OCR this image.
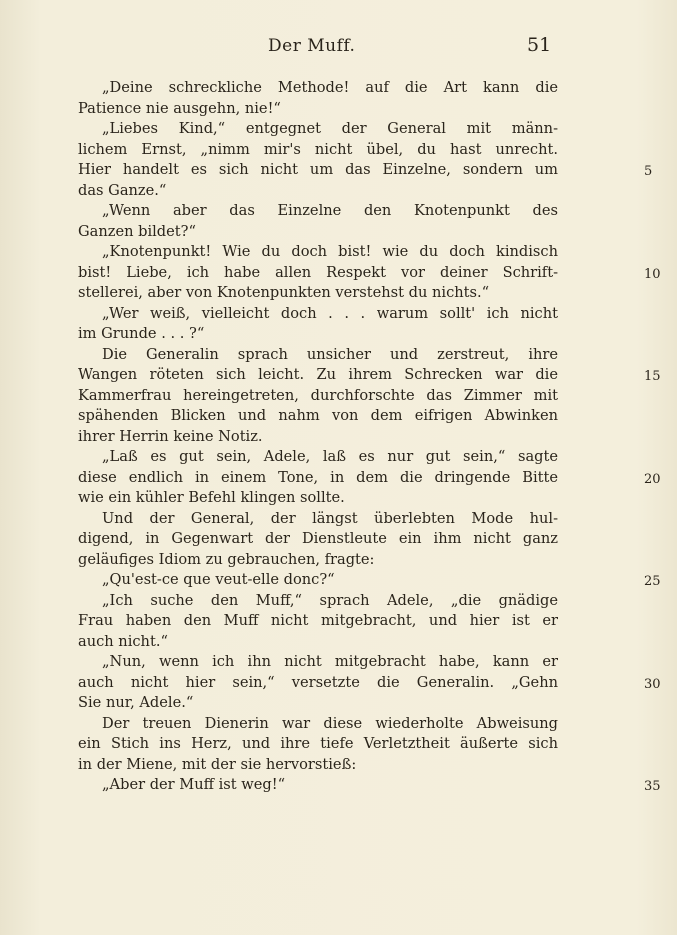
Der Muff.	51
„Deine schreckliche Methode! auf die Art kann die
Patience nie ausgehn, nie!“
„Liebes Kind,“ entgegnet der General mit männ-
lichem Ernst, „nimm mir's nicht übel, du hast unrecht.
Hier handelt es sich nicht um das Einzelne, sondern um
das Ganze.“
„Wenn aber das Einzelne den Knotenpunkt des
Ganzen bildet?“
„Knotenpunkt! Wie du doch bist! wie du doch kindisch
bist! Liebe, ich habe allen Respekt vor deiner Schrift-
stellerei, aber von Knotenpunkten verstehst du nichts.“
„Wer weiß, vielleicht doch . . . warum sollt' ich nicht
im Grunde . . . ?“
Die Generalin sprach unsicher und zerstreut, ihre
Wangen röteten sich leicht. Zu ihrem Schrecken war die
Kammerfrau hereingetreten, durchforschte das Zimmer mit
spähenden Blicken und nahm von dem eifrigen Abwinken
ihrer Herrin keine Notiz.
„Laß es gut sein, Adele, laß es nur gut sein,“ sagte
diese endlich in einem Tone, in dem die dringende Bitte
wie ein kühler Befehl klingen sollte.
Und der General, der längst überlebten Mode hul-
digend, in Gegenwart der Dienstleute ein ihm nicht ganz
geläufiges Idiom zu gebrauchen, fragte:
„Qu'est-ce que veut-elle donc?“
„Ich suche den Muff,“ sprach Adele, „die gnädige
Frau haben den Muff nicht mitgebracht, und hier ist er
auch nicht.“
„Nun, wenn ich ihn nicht mitgebracht habe, kann er
auch nicht hier sein,“ versetzte die Generalin. „Gehn
Sie nur, Adele.“
Der treuen Dienerin war diese wiederholte Abweisung
ein Stich ins Herz, und ihre tiefe Verletztheit äußerte sich
in der Miene, mit der sie hervorstieß:
„Aber der Muff ist weg!“
5
10
15
20
25
30
35
